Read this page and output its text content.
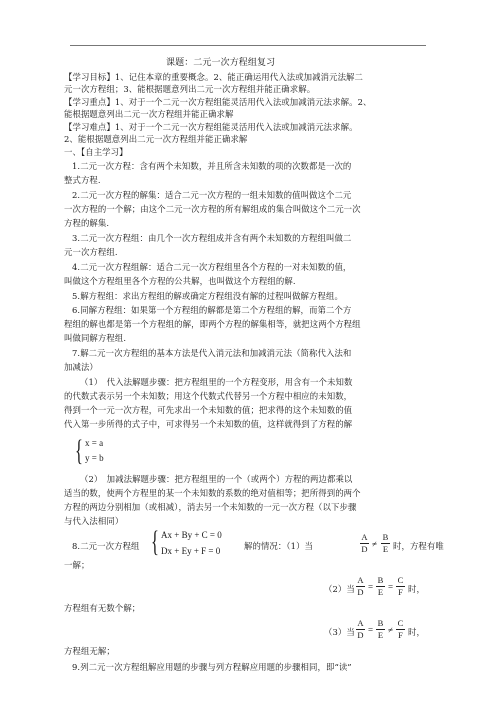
课题：二元一次方程组复习
【学习目标】1、记住本章的重要概念。2、能正确运用代入法或加减消元法解二
元一次方程组；3、能根据题意列出二元一次方程组并能正确求解。
【学习重点】1、对于一个二元一次方程组能灵活用代入法或加减消元法求解。2、
能根据题意列出二元一次方程组并能正确求解
【学习难点】1、对于一个二元一次方程组能灵活用代入法或加减消元法求解。
2、能根据题意列出二元一次方程组并能正确求解
一、【自主学习】
1.二元一次方程：含有两个未知数，并且所含未知数的项的次数都是一次的
整式方程.
2.二元一次方程的解集：适合二元一次方程的一组未知数的值叫做这个二元
一次方程的一个解；由这个二元一次方程的所有解组成的集合叫做这个二元一次
方程的解集.
3.二元一次方程组：由几个一次方程组成并含有两个未知数的方程组叫做二
元一次方程组.
4.二元一次方程组解：适合二元一次方程组里各个方程的一对未知数的值，
叫做这个方程组里各个方程的公共解，也叫做这个方程组的解.
5.解方程组：求出方程组的解或确定方程组没有解的过程叫做解方程组。
6.同解方程组：如果第一个方程组的解都是第二个方程组的解，而第二个方
程组的解也都是第一个方程组的解，即两个方程的解集相等，就把这两个方程组
叫做同解方程组.
7.解二元一次方程组的基本方法是代入消元法和加减消元法（简称代入法和
加减法）
（1）　代入法解题步骤：把方程组里的一个方程变形，用含有一个未知数
的代数式表示另一个未知数；用这个代数式代替另一个方程中相应的未知数，
得到一个一元一次方程，可先求出一个未知数的值；把求得的这个未知数的值
代入第一步所得的式子中，可求得另一个未知数的值，这样就得到了方程的解
{ x = a
y = b
（2）　加减法解题步骤：把方程组里的一个（或两个）方程的两边都乘以
适当的数，使两个方程里的某一个未知数的系数的绝对值相等；把所得到的两个
方程的两边分别相加（或相减），消去另一个未知数的一元一次方程（以下步骤
与代入法相同）
8.二元一次方程组 { Ax + By + C = 0
Dx + Ey + F = 0	解的情况：（1）当
A
D ≠
B
E 时，方程有唯
一解；
（2）当
A
D =
B
E =
C
F 时，
方程组有无数个解；
（3）当
A
D =
B
E ≠
C
F 时，
方程组无解；
9.列二元一次方程组解应用题的步骤与列方程解应用题的步骤相同，即“读”
